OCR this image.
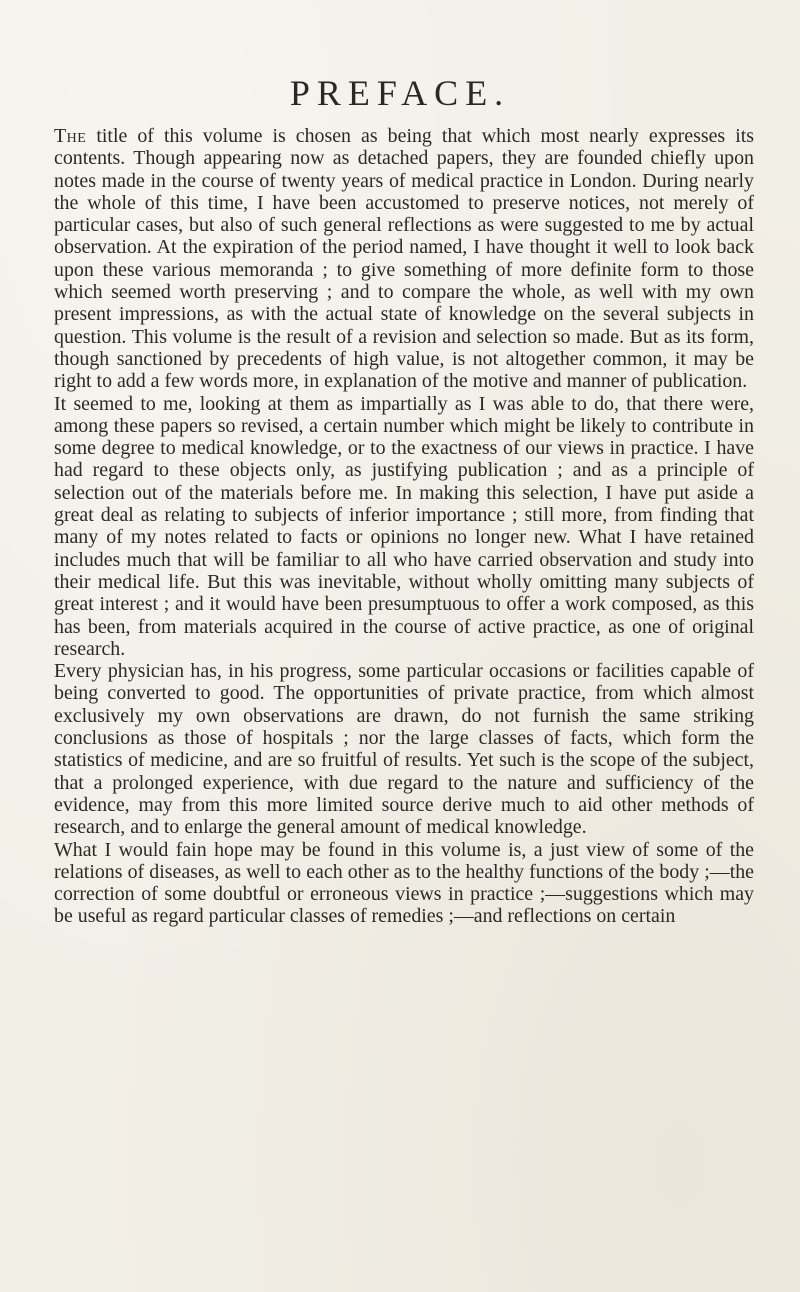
PREFACE.

The title of this volume is chosen as being that which most nearly expresses its contents. Though appearing now as detached papers, they are founded chiefly upon notes made in the course of twenty years of medical practice in London. During nearly the whole of this time, I have been accustomed to preserve notices, not merely of particular cases, but also of such general reflections as were suggested to me by actual observation. At the expiration of the period named, I have thought it well to look back upon these various memoranda ; to give something of more definite form to those which seemed worth preserving ; and to compare the whole, as well with my own present impressions, as with the actual state of knowledge on the several subjects in question. This volume is the result of a revision and selection so made. But as its form, though sanctioned by precedents of high value, is not altogether common, it may be right to add a few words more, in explanation of the motive and manner of publication.

It seemed to me, looking at them as impartially as I was able to do, that there were, among these papers so revised, a certain number which might be likely to contribute in some degree to medical knowledge, or to the exactness of our views in practice. I have had regard to these objects only, as justifying publication ; and as a principle of selection out of the materials before me. In making this selection, I have put aside a great deal as relating to subjects of inferior importance ; still more, from finding that many of my notes related to facts or opinions no longer new. What I have retained includes much that will be familiar to all who have carried observation and study into their medical life. But this was inevitable, without wholly omitting many subjects of great interest ; and it would have been presumptuous to offer a work composed, as this has been, from materials acquired in the course of active practice, as one of original research.

Every physician has, in his progress, some particular occasions or facilities capable of being converted to good. The opportunities of private practice, from which almost exclusively my own observations are drawn, do not furnish the same striking conclusions as those of hospitals ; nor the large classes of facts, which form the statistics of medicine, and are so fruitful of results. Yet such is the scope of the subject, that a prolonged experience, with due regard to the nature and sufficiency of the evidence, may from this more limited source derive much to aid other methods of research, and to enlarge the general amount of medical knowledge.

What I would fain hope may be found in this volume is, a just view of some of the relations of diseases, as well to each other as to the healthy functions of the body ;—the correction of some doubtful or erroneous views in practice ;—suggestions which may be useful as regard particular classes of remedies ;—and reflections on certain
